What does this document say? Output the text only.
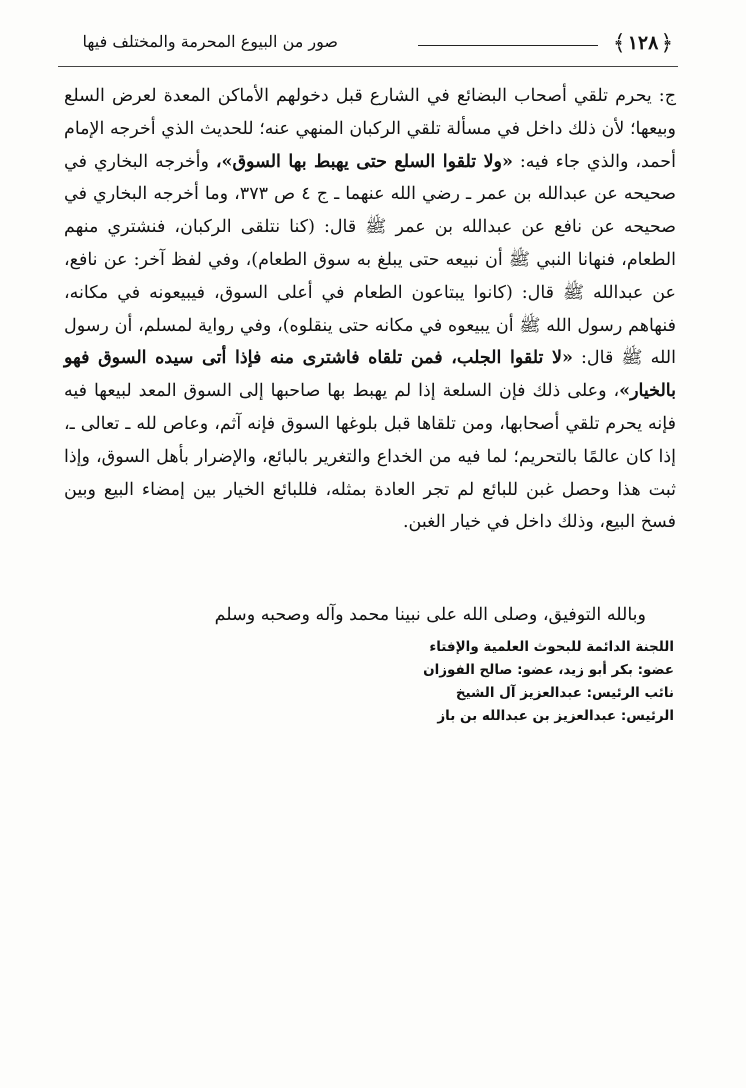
﴿
١٢٨
﴾
صور من البيوع المحرمة والمختلف فيها

ج: يحرم تلقي أصحاب البضائع في الشارع قبل دخولهم الأماكن المعدة لعرض السلع وبيعها؛ لأن ذلك داخل في مسألة تلقي الركبان المنهي عنه؛ للحديث الذي أخرجه الإمام أحمد، والذي جاء فيه: «ولا تلقوا السلع حتى يهبط بها السوق»، وأخرجه البخاري في صحيحه عن عبدالله بن عمر ـ رضي الله عنهما ـ ج ٤ ص ٣٧٣، وما أخرجه البخاري في صحيحه عن نافع عن عبدالله بن عمر ﷺ قال: (كنا نتلقى الركبان، فنشتري منهم الطعام، فنهانا النبي ﷺ أن نبيعه حتى يبلغ به سوق الطعام)، وفي لفظ آخر: عن نافع، عن عبدالله ﷺ قال: (كانوا يبتاعون الطعام في أعلى السوق، فيبيعونه في مكانه، فنهاهم رسول الله ﷺ أن يبيعوه في مكانه حتى ينقلوه)، وفي رواية لمسلم، أن رسول الله ﷺ قال: «لا تلقوا الجلب، فمن تلقاه فاشترى منه فإذا أتى سيده السوق فهو بالخيار»، وعلى ذلك فإن السلعة إذا لم يهبط بها صاحبها إلى السوق المعد لبيعها فيه فإنه يحرم تلقي أصحابها، ومن تلقاها قبل بلوغها السوق فإنه آثم، وعاص لله ـ تعالى ـ، إذا كان عالمًا بالتحريم؛ لما فيه من الخداع والتغرير بالبائع، والإضرار بأهل السوق، وإذا ثبت هذا وحصل غبن للبائع لم تجر العادة بمثله، فللبائع الخيار بين إمضاء البيع وبين فسخ البيع، وذلك داخل في خيار الغبن.

وبالله التوفيق، وصلى الله على نبينا محمد وآله وصحبه وسلم
اللجنة الدائمة للبحوث العلمية والإفتاء
عضو: بكر أبو زيد، عضو: صالح الفوزان
نائب الرئيس: عبدالعزيز آل الشيخ
الرئيس: عبدالعزيز بن عبدالله بن باز
